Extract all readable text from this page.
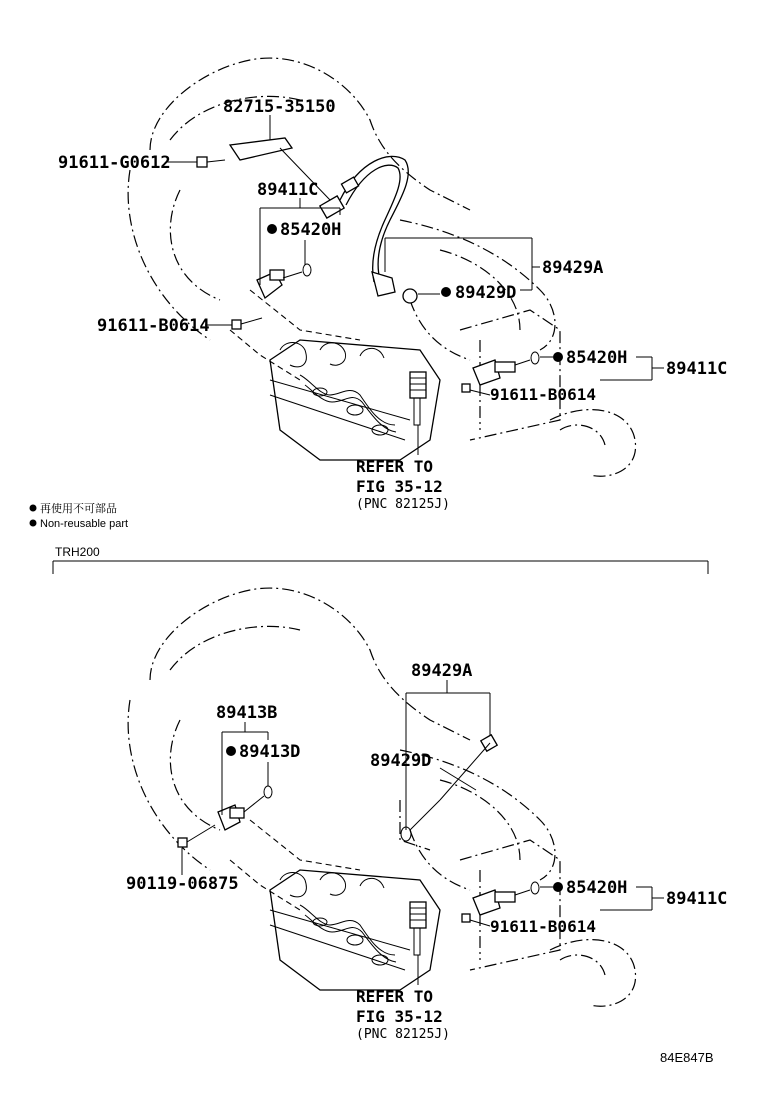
82715-35150
91611-G0612
89411C
85420H
89429A
89429D
91611-B0614
85420H
89411C
91611-B0614
REFER TO
FIG 35-12
(PNC 82125J)
再使用不可部品
Non-reusable part
TRH200
89429A
89413B
89413D	89429D
90119-06875	85420H
89411C
91611-B0614
REFER TO
FIG 35-12
(PNC 82125J)
84E847B
